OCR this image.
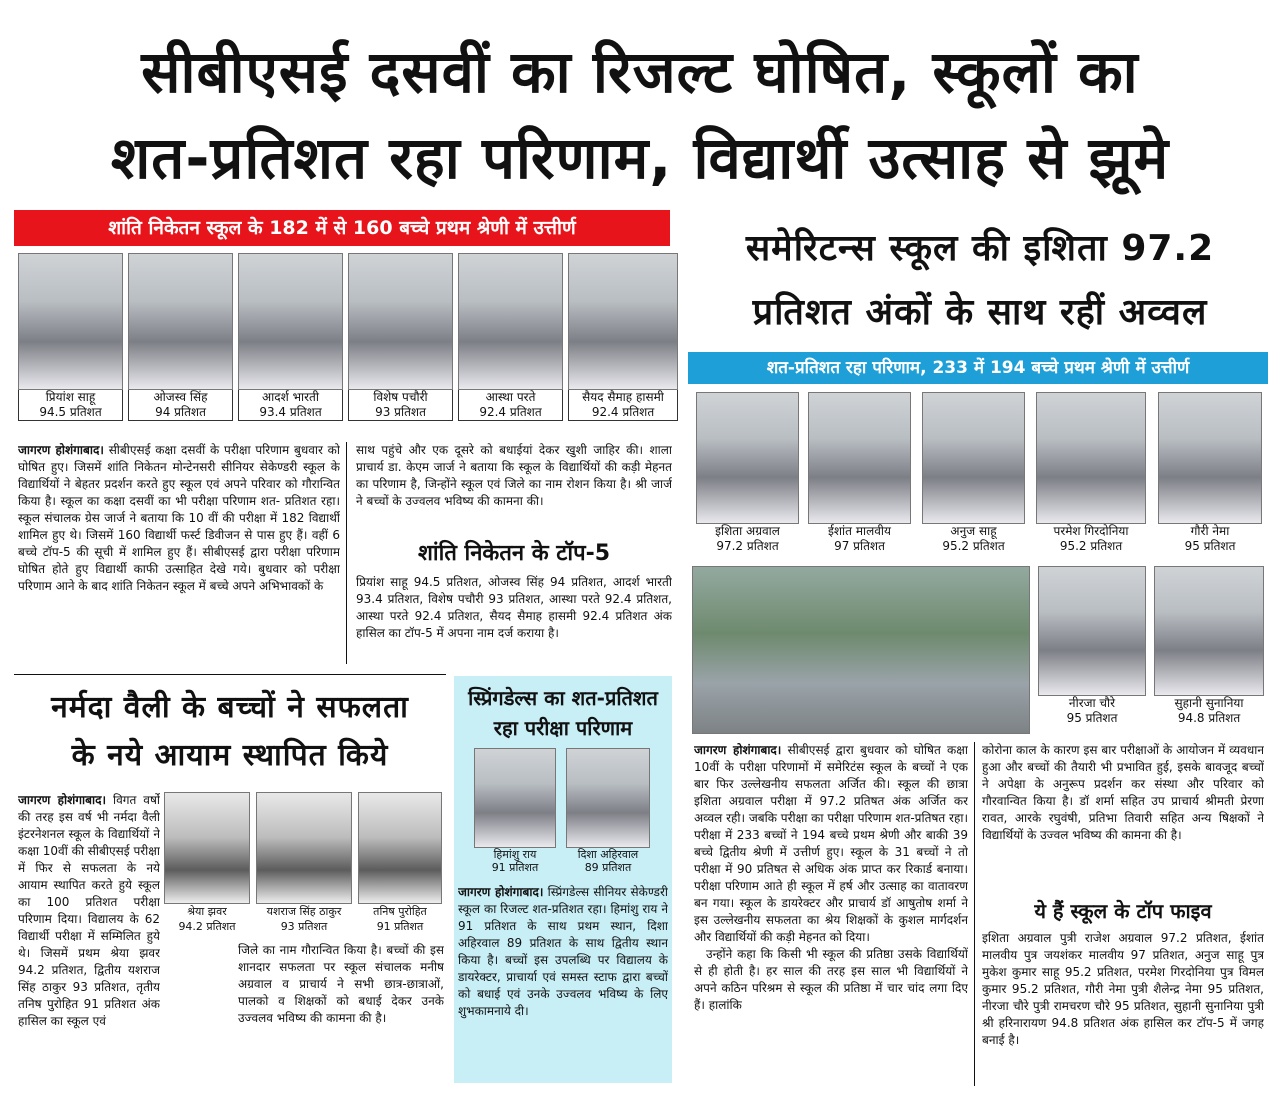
सीबीएसई दसवीं का रिजल्ट घोषित, स्कूलों का
शत-प्रतिशत रहा परिणाम, विद्यार्थी उत्साह से झूमे
शांति निकेतन स्कूल के 182 में से 160 बच्चे प्रथम श्रेणी में उत्तीर्ण
प्रियांश साहू
94.5 प्रतिशत
ओजस्व सिंह
94 प्रतिशत
आदर्श भारती
93.4 प्रतिशत
विशेष पचौरी
93 प्रतिशत
आस्था परते
92.4 प्रतिशत
सैयद सैमाह हासमी
92.4 प्रतिशत
जागरण होशंगाबाद। सीबीएसई कक्षा दसवीं के परीक्षा परिणाम बुधवार को घोषित हुए। जिसमें शांति निकेतन मोन्टेनसरी सीनियर सेकेण्डरी स्कूल के विद्यार्थियों ने बेहतर प्रदर्शन करते हुए स्कूल एवं अपने परिवार को गौरान्वित किया है। स्कूल का कक्षा दसवीं का भी परीक्षा परिणाम शत- प्रतिशत रहा। स्कूल संचालक ग्रेस जार्ज ने बताया कि 10 वीं की परीक्षा में 182 विद्यार्थी शामिल हुए थे। जिसमें 160 विद्यार्थी फर्स्ट डिवीजन से पास हुए हैं। वहीं 6 बच्चे टॉप-5 की सूची में शामिल हुए हैं। सीबीएसई द्वारा परीक्षा परिणाम घोषित होते हुए विद्यार्थी काफी उत्साहित देखे गये। बुधवार को परीक्षा परिणाम आने के बाद शांति निकेतन स्कूल में बच्चे अपने अभिभावकों के
साथ पहुंचे और एक दूसरे को बधाईयां देकर खुशी जाहिर की। शाला प्राचार्य डा. केएम जार्ज ने बताया कि स्कूल के विद्यार्थियों की कड़ी मेहनत का परिणाम है, जिन्होंने स्कूल एवं जिले का नाम रोशन किया है। श्री जार्ज ने बच्चों के उज्वलव भविष्य की कामना की।
शांति निकेतन के टॉप-5
प्रियांश साहू 94.5 प्रतिशत, ओजस्व सिंह 94 प्रतिशत, आदर्श भारती 93.4 प्रतिशत, विशेष पचौरी 93 प्रतिशत, आस्था परते 92.4 प्रतिशत, आस्था परते 92.4 प्रतिशत, सैयद सैमाह हासमी 92.4 प्रतिशत अंक हासिल का टॉप-5 में अपना नाम दर्ज कराया है।
समेरिटन्स स्कूल की इशिता 97.2
प्रतिशत अंकों के साथ रहीं अव्वल
शत-प्रतिशत रहा परिणाम, 233 में 194 बच्चे प्रथम श्रेणी में उत्तीर्ण
इशिता अग्रवाल
97.2 प्रतिशत
ईशांत मालवीय
97 प्रतिशत
अनुज साहू
95.2 प्रतिशत
परमेश गिरदोनिया
95.2 प्रतिशत
गौरी नेमा
95 प्रतिशत
नीरजा चौरे
95 प्रतिशत
सुहानी सुनानिया
94.8 प्रतिशत
जागरण होशंगाबाद। सीबीएसई द्वारा बुधवार को घोषित कक्षा 10वीं के परीक्षा परिणामों में समेरिटंस स्कूल के बच्चों ने एक बार फिर उल्लेखनीय सफलता अर्जित की। स्कूल की छात्रा इशिता अग्रवाल परीक्षा में 97.2 प्रतिषत अंक अर्जित कर अव्वल रही। जबकि परीक्षा का परीक्षा परिणाम शत-प्रतिषत रहा। परीक्षा में 233 बच्चों ने 194 बच्चे प्रथम श्रेणी और बाकी 39 बच्चे द्वितीय श्रेणी में उत्तीर्ण हुए। स्कूल के 31 बच्चों ने तो परीक्षा में 90 प्रतिषत से अधिक अंक प्राप्त कर रिकार्ड बनाया। परीक्षा परिणाम आते ही स्कूल में हर्ष और उत्साह का वातावरण बन गया। स्कूल के डायरेक्टर और प्राचार्य डॉ आषुतोष शर्मा ने इस उल्लेखनीय सफलता का श्रेय शिक्षकों के कुशल मार्गदर्शन और विद्यार्थियों की कड़ी मेहनत को दिया।
उन्होंने कहा कि किसी भी स्कूल की प्रतिष्ठा उसके विद्यार्थियों से ही होती है। हर साल की तरह इस साल भी विद्यार्थियों ने अपने कठिन परिश्रम से स्कूल की प्रतिष्ठा में चार चांद लगा दिए हैं। हालांकि
कोरोना काल के कारण इस बार परीक्षाओं के आयोजन में व्यवधान हुआ और बच्चों की तैयारी भी प्रभावित हुई, इसके बावजूद बच्चों ने अपेक्षा के अनुरूप प्रदर्शन कर संस्था और परिवार को गौरवान्वित किया है। डॉ शर्मा सहित उप प्राचार्य श्रीमती प्रेरणा रावत, आरके रघुवंषी, प्रतिभा तिवारी सहित अन्य षिक्षकों ने विद्यार्थियों के उज्वल भविष्य की कामना की है।
ये हैं स्कूल के टॉप फाइव
इशिता अग्रवाल पुत्री राजेश अग्रवाल 97.2 प्रतिशत, ईशांत मालवीय पुत्र जयशंकर मालवीय 97 प्रतिशत, अनुज साहू पुत्र मुकेश कुमार साहू 95.2 प्रतिशत, परमेश गिरदोनिया पुत्र विमल कुमार 95.2 प्रतिशत, गौरी नेमा पुत्री शैलेन्द्र नेमा 95 प्रतिशत, नीरजा चौरे पुत्री रामचरण चौरे 95 प्रतिशत, सुहानी सुनानिया पुत्री श्री हरिनारायण 94.8 प्रतिशत अंक हासिल कर टॉप-5 में जगह बनाई है।
नर्मदा वैली के बच्चों ने सफलता
के नये आयाम स्थापित किये
जागरण होशंगाबाद। विगत वर्षो की तरह इस वर्ष भी नर्मदा वैली इंटरनेशनल स्कूल के विद्यार्थियों ने कक्षा 10वीं की सीबीएसई परीक्षा में फिर से सफलता के नये आयाम स्थापित करते हुये स्कूल का 100 प्रतिशत परीक्षा परिणाम दिया। विद्यालय के 62 विद्यार्थी परीक्षा में सम्मिलित हुये थे। जिसमें प्रथम श्रेया झवर 94.2 प्रतिशत, द्वितीय यशराज सिंह ठाकुर 93 प्रतिशत, तृतीय तनिष पुरोहित 91 प्रतिशत अंक हासिल का स्कूल एवं
श्रेया झवर
94.2 प्रतिशत
यशराज सिंह ठाकुर
93 प्रतिशत
तनिष पुरोहित
91 प्रतिशत
जिले का नाम गौरान्वित किया है। बच्चों की इस शानदार सफलता पर स्कूल संचालक मनीष अग्रवाल व प्राचार्य ने सभी छात्र-छात्राओं, पालको व शिक्षकों को बधाई देकर उनके उज्वलव भविष्य की कामना की है।
स्प्रिंगडेल्स का शत-प्रतिशत
रहा परीक्षा परिणाम
हिमांशु राय
91 प्रतिशत
दिशा अहिरवाल
89 प्रतिशत
जागरण होशंगाबाद। स्प्रिंगडेल्स सीनियर सेकेण्डरी स्कूल का रिजल्ट शत-प्रतिशत रहा। हिमांशु राय ने 91 प्रतिशत के साथ प्रथम स्थान, दिशा अहिरवाल 89 प्रतिशत के साथ द्वितीय स्थान किया है। बच्चों इस उपलब्धि पर विद्यालय के डायरेक्टर, प्राचार्या एवं समस्त स्टाफ द्वारा बच्चों को बधाई एवं उनके उज्वलव भविष्य के लिए शुभकामनाये दी।
